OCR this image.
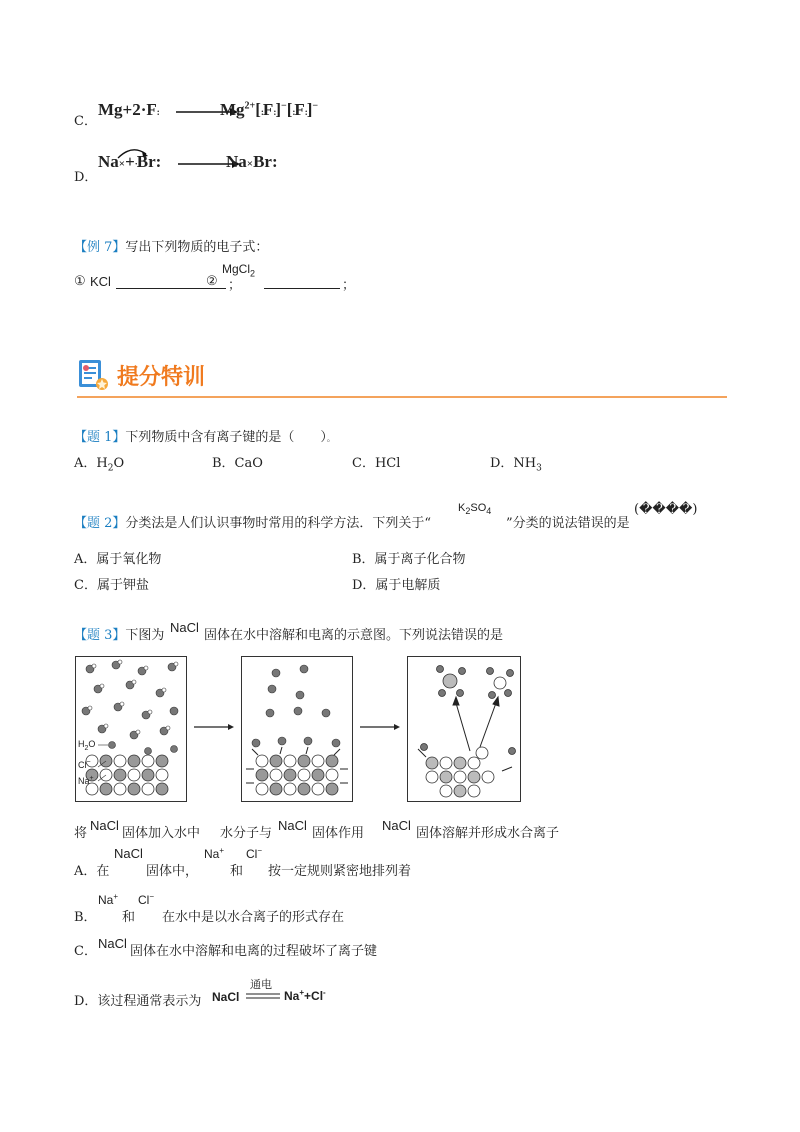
C．
Mg+2·F:	$Mg^{2+}[:F:]^-[:F:]^-$
D．
Na×+·Br:	Na×Br:
【例 7】写出下列物质的电子式：
① KCl	；
②
MgCl$_2$
；
提分特训
【题 1】下列物质中含有离子键的是（　　）。
A．$H_2O$	B．CaO	C．HCl	D．$NH_3$
【题 2】分类法是人们认识事物时常用的科学方法．下列关于“
$K_2SO_4$
”分类的说法错误的是
(����)
A．属于氧化物	B．属于离子化合物
C．属于钾盐	D．属于电解质
【题 3】下图为
NaCl
固体在水中溶解和电离的示意图。下列说法错误的是
$H_2O$
Cl−
Na+
将
NaCl
固体加入水中 水分子与
NaCl
固体作用
NaCl
固体溶解并形成水合离子
A．在
NaCl
固体中，
Na+
和
Cl−
按一定规则紧密地排列着
B．
Na+
和
Cl−
在水中是以水合离子的形式存在
C．
NaCl
固体在水中溶解和电离的过程破坏了离子键
D．该过程通常表示为 NaCl
通电
Na++Cl-
